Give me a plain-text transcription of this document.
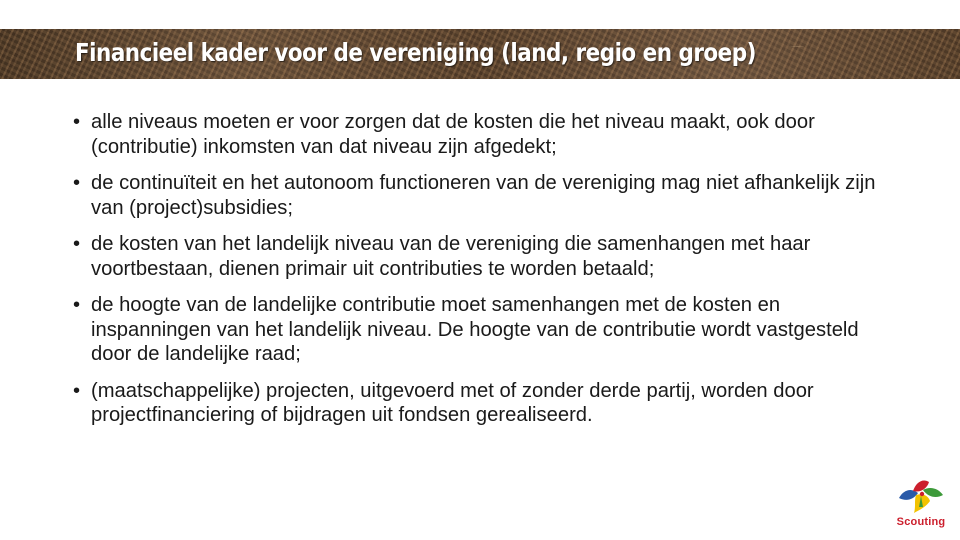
Financieel kader voor de vereniging (land, regio en groep)
• alle niveaus moeten er voor zorgen dat de kosten die het niveau maakt, ook door (contributie) inkomsten van dat niveau zijn afgedekt;
• de continuïteit en het autonoom functioneren van de vereniging mag niet afhankelijk zijn van (project)subsidies;
• de kosten van het landelijk niveau van de vereniging die samenhangen met haar voortbestaan, dienen primair uit contributies te worden betaald;
• de hoogte van de landelijke contributie moet samenhangen met de kosten en inspanningen van het landelijk niveau. De hoogte van de contributie wordt vastgesteld door de landelijke raad;
• (maatschappelijke) projecten, uitgevoerd met of zonder derde partij, worden door projectfinanciering of bijdragen uit fondsen gerealiseerd.
Scouting
